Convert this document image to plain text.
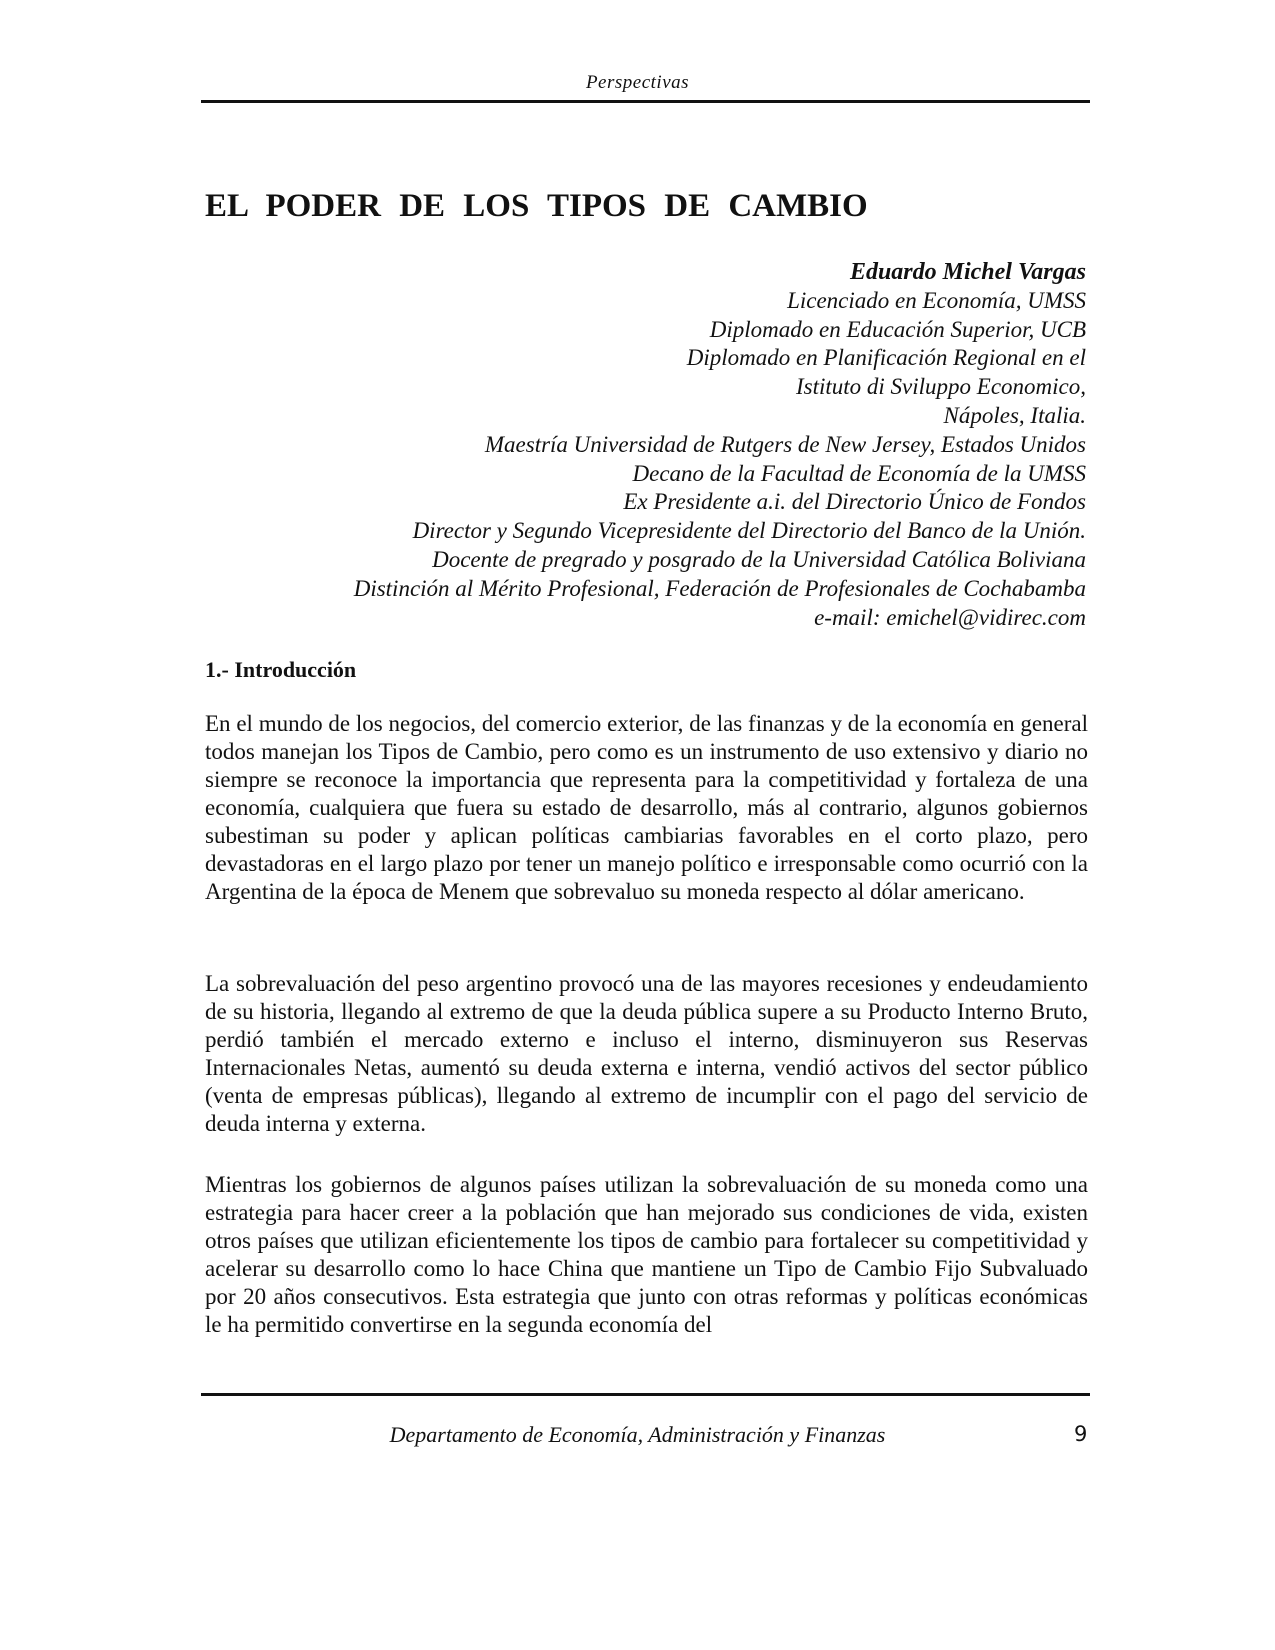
Perspectivas
EL PODER DE LOS TIPOS DE CAMBIO
Eduardo Michel Vargas
Licenciado en Economía, UMSS
Diplomado en Educación Superior, UCB
Diplomado en Planificación Regional en el
Istituto di Sviluppo Economico,
Nápoles, Italia.
Maestría Universidad de Rutgers de New Jersey, Estados Unidos
Decano de la Facultad de Economía de la UMSS
Ex Presidente a.i. del Directorio Único de Fondos
Director y Segundo Vicepresidente del Directorio del Banco de la Unión.
Docente de pregrado y posgrado de la Universidad Católica Boliviana
Distinción al Mérito Profesional, Federación de Profesionales de Cochabamba
e-mail: emichel@vidirec.com
1.- Introducción

En el mundo de los negocios, del comercio exterior, de las finanzas y de la economía en general todos manejan los Tipos de Cambio, pero como es un instrumento de uso extensivo y diario no siempre se reconoce la importancia que representa para la competitividad y fortaleza de una economía, cualquiera que fuera su estado de desarrollo, más al contrario, algunos gobiernos subestiman su poder y aplican políticas cambiarias favorables en el corto plazo, pero devastadoras en el largo plazo por tener un manejo político e irresponsable como ocurrió con la Argentina de la época de Menem que sobrevaluo su moneda respecto al dólar americano.

La sobrevaluación del peso argentino provocó una de las mayores recesiones y endeudamiento de su historia, llegando al extremo de que la deuda pública supere a su Producto Interno Bruto, perdió también el mercado externo e incluso el interno, disminuyeron sus Reservas Internacionales Netas, aumentó su deuda externa e interna, vendió activos del sector público (venta de empresas públicas), llegando al extremo de incumplir con el pago del servicio de deuda interna y externa.

Mientras los gobiernos de algunos países utilizan la sobrevaluación de su moneda como una estrategia para hacer creer a la población que han mejorado sus condiciones de vida, existen otros países que utilizan eficientemente los tipos de cambio para fortalecer su competitividad y acelerar su desarrollo como lo hace China que mantiene un Tipo de Cambio Fijo Subvaluado por 20 años consecutivos. Esta estrategia que junto con otras reformas y políticas económicas le ha permitido convertirse en la segunda economía del

Departamento de Economía, Administración y Finanzas	9
